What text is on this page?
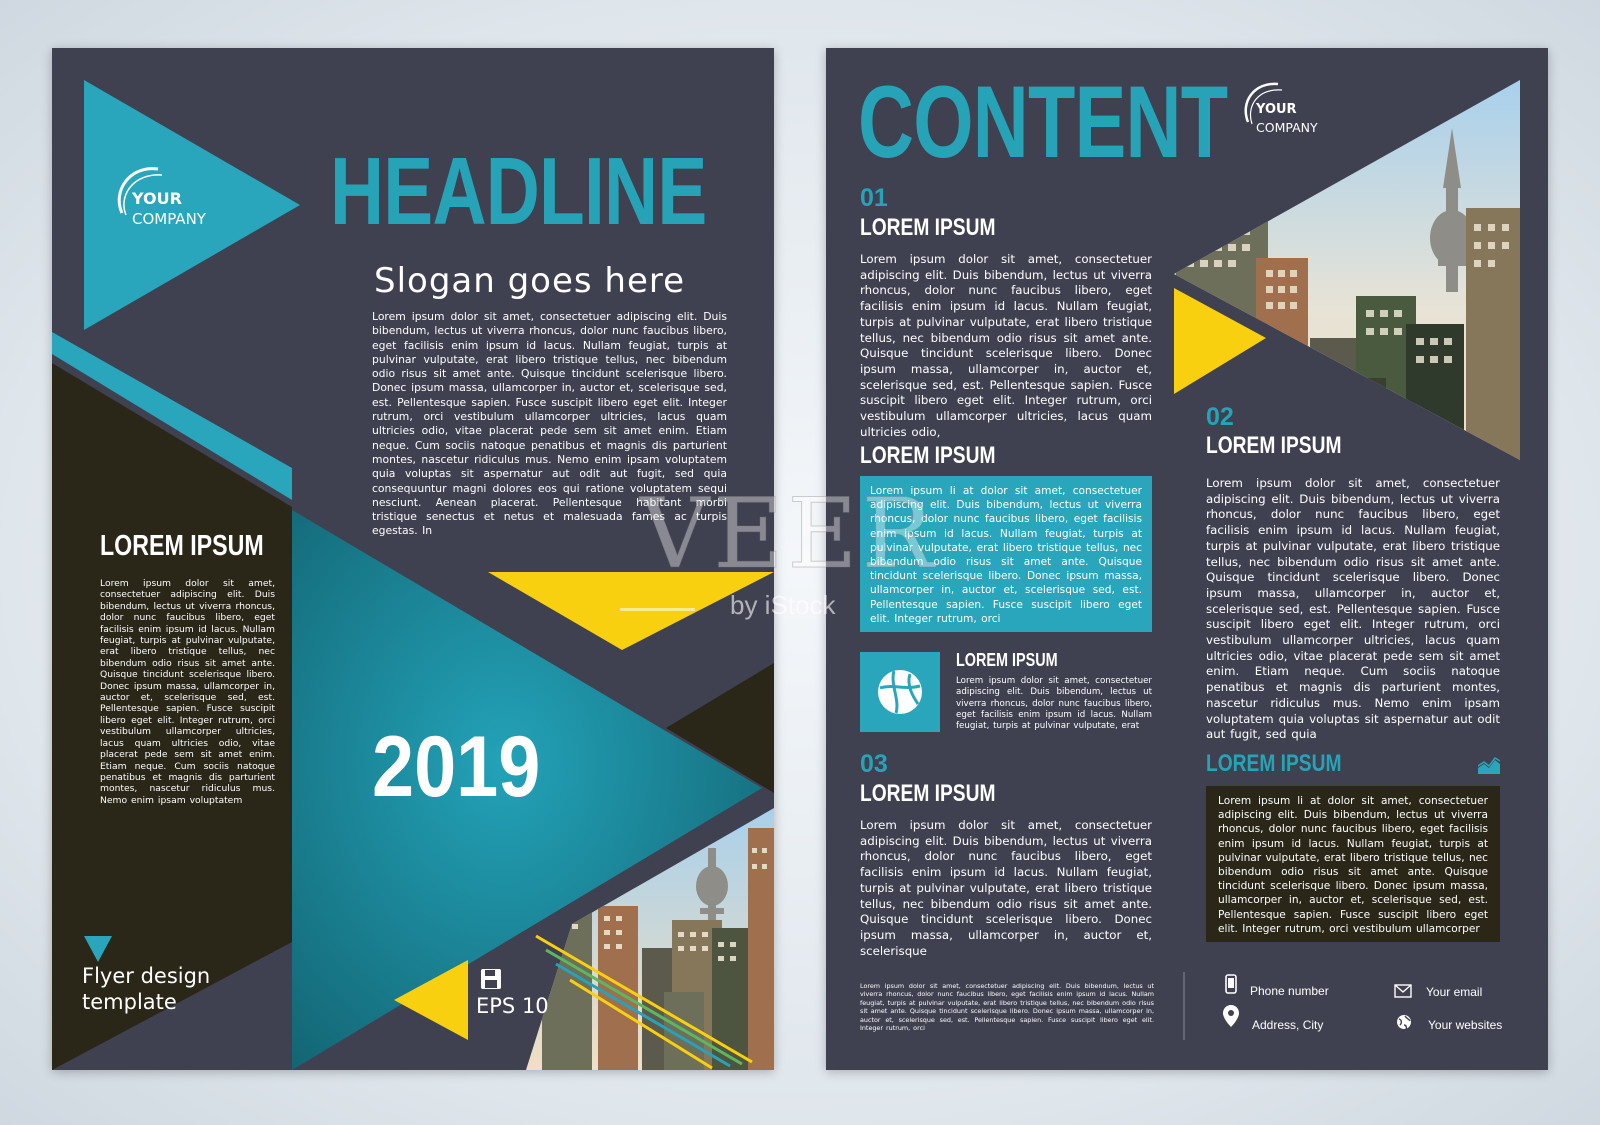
YOUR
COMPANY HEADLINE
Slogan goes here
Lorem ipsum dolor sit amet, consectetuer adipiscing elit. Duis bibendum, lectus ut viverra rhoncus, dolor nunc faucibus libero, eget facilisis enim ipsum id lacus. Nullam feugiat, turpis at pulvinar vulputate, erat libero tristique tellus, nec bibendum odio risus sit amet ante. Quisque tincidunt scelerisque libero. Donec ipsum massa, ullamcorper in, auctor et, scelerisque sed, est. Pellentesque sapien. Fusce suscipit libero eget elit. Integer rutrum, orci vestibulum ullamcorper ultricies, lacus quam ultricies odio, vitae placerat pede sem sit amet enim. Etiam neque. Cum sociis natoque penatibus et magnis dis parturient montes, nascetur ridiculus mus. Nemo enim ipsam voluptatem quia voluptas sit aspernatur aut odit aut fugit, sed quia consequuntur magni dolores eos qui ratione voluptatem sequi nesciunt. Aenean placerat. Pellentesque habitant morbi tristique senectus et netus et malesuada fames ac turpis egestas. In
LOREM IPSUM
Lorem ipsum dolor sit amet, consectetuer adipiscing elit. Duis bibendum, lectus ut viverra rhoncus, dolor nunc faucibus libero, eget facilisis enim ipsum id lacus. Nullam feugiat, turpis at pulvinar vulputate, erat libero tristique tellus, nec bibendum odio risus sit amet ante. Quisque tincidunt scelerisque libero. Donec ipsum massa, ullamcorper in, auctor et, scelerisque sed, est. Pellentesque sapien. Fusce suscipit libero eget elit. Integer rutrum, orci vestibulum ullamcorper ultricies, lacus quam ultricies odio, vitae placerat pede sem sit amet enim. Etiam neque. Cum sociis natoque penatibus et magnis dis parturient montes, nascetur ridiculus mus. Nemo enim ipsam voluptatem	2019
Flyer design
template	EPS 10
CONTENT YOUR
COMPANY
01
LOREM IPSUM
Lorem ipsum dolor sit amet, consectetuer adipiscing elit. Duis bibendum, lectus ut viverra rhoncus, dolor nunc faucibus libero, eget facilisis enim ipsum id lacus. Nullam feugiat, turpis at pulvinar vulputate, erat libero tristique tellus, nec bibendum odio risus sit amet ante. Quisque tincidunt scelerisque libero. Donec ipsum massa, ullamcorper in, auctor et, scelerisque sed, est. Pellentesque sapien. Fusce suscipit libero eget elit. Integer rutrum, orci vestibulum ullamcorper ultricies, lacus quam ultricies odio,
LOREM IPSUM
Lorem ipsum li at dolor sit amet, consectetuer adipiscing elit. Duis bibendum, lectus ut viverra rhoncus, dolor nunc faucibus libero, eget facilisis enim ipsum id lacus. Nullam feugiat, turpis at pulvinar vulputate, erat libero tristique tellus, nec bibendum odio risus sit amet ante. Quisque tincidunt scelerisque libero. Donec ipsum massa, ullamcorper in, auctor et, scelerisque sed, est. Pellentesque sapien. Fusce suscipit libero eget elit. Integer rutrum, orci
LOREM IPSUM
Lorem ipsum dolor sit amet, consectetuer adipiscing elit. Duis bibendum, lectus ut viverra rhoncus, dolor nunc faucibus libero, eget facilisis enim ipsum id lacus. Nullam feugiat, turpis at pulvinar vulputate, erat
03
LOREM IPSUM
Lorem ipsum dolor sit amet, consectetuer adipiscing elit. Duis bibendum, lectus ut viverra rhoncus, dolor nunc faucibus libero, eget facilisis enim ipsum id lacus. Nullam feugiat, turpis at pulvinar vulputate, erat libero tristique tellus, nec bibendum odio risus sit amet ante. Quisque tincidunt scelerisque libero. Donec ipsum massa, ullamcorper in, auctor et, scelerisque
02
LOREM IPSUM
Lorem ipsum dolor sit amet, consectetuer adipiscing elit. Duis bibendum, lectus ut viverra rhoncus, dolor nunc faucibus libero, eget facilisis enim ipsum id lacus. Nullam feugiat, turpis at pulvinar vulputate, erat libero tristique tellus, nec bibendum odio risus sit amet ante. Quisque tincidunt scelerisque libero. Donec ipsum massa, ullamcorper in, auctor et, scelerisque sed, est. Pellentesque sapien. Fusce suscipit libero eget elit. Integer rutrum, orci vestibulum ullamcorper ultricies, lacus quam ultricies odio, vitae placerat pede sem sit amet enim. Etiam neque. Cum sociis natoque penatibus et magnis dis parturient montes, nascetur ridiculus mus. Nemo enim ipsam voluptatem quia voluptas sit aspernatur aut odit aut fugit, sed quia
LOREM IPSUM
Lorem ipsum li at dolor sit amet, consectetuer adipiscing elit. Duis bibendum, lectus ut viverra rhoncus, dolor nunc faucibus libero, eget facilisis enim ipsum id lacus. Nullam feugiat, turpis at pulvinar vulputate, erat libero tristique tellus, nec bibendum odio risus sit amet ante. Quisque tincidunt scelerisque libero. Donec ipsum massa, ullamcorper in, auctor et, scelerisque sed, est. Pellentesque sapien. Fusce suscipit libero eget elit. Integer rutrum, orci vestibulum ullamcorper
Lorem ipsum dolor sit amet, consectetuer adipiscing elit. Duis bibendum, lectus ut viverra rhoncus, dolor nunc faucibus libero, eget facilisis enim ipsum id lacus. Nullam feugiat, turpis at pulvinar vulputate, erat libero tristique tellus, nec bibendum odio risus sit amet ante. Quisque tincidunt scelerisque libero. Donec ipsum massa, ullamcorper in, auctor et, scelerisque sed, est. Pellentesque sapien. Fusce suscipit libero eget elit. Integer rutrum, orci
Phone number
Address, City
Your email
Your websites
VEER
by iStock
